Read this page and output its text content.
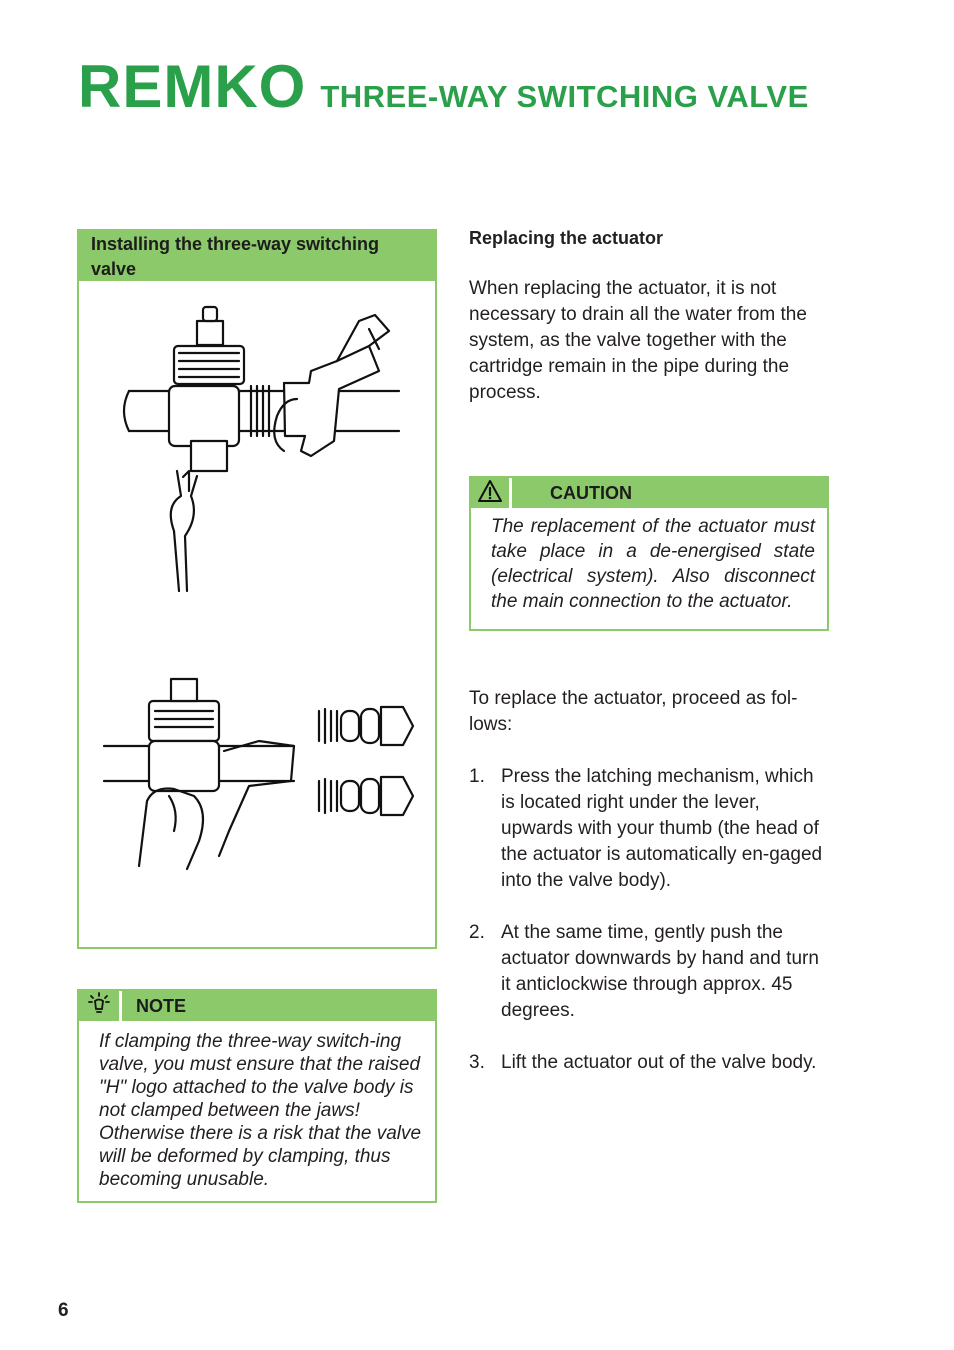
REMKO THREE-WAY SWITCHING VALVE
Installing the three-way switching valve
NOTE
If clamping the three-way switch-ing valve, you must ensure that the raised "H" logo attached to the valve body is not clamped between the jaws! Otherwise there is a risk that the valve will be deformed by clamping, thus becoming unusable.
Replacing the actuator
When replacing the actuator, it is not necessary to drain all the water from the system, as the valve together with the cartridge remain in the pipe during the process.
CAUTION
The replacement of the actuator must take place in a de-energised state (electrical system). Also disconnect the main connection to the actuator.
To replace the actuator, proceed as fol-lows:
1. Press the latching mechanism, which is located right under the lever, upwards with your thumb (the head of the actuator is automatically en-gaged into the valve body).
2. At the same time, gently push the actuator downwards by hand and turn it anticlockwise through approx. 45 degrees.
3. Lift the actuator out of the valve body.
6
